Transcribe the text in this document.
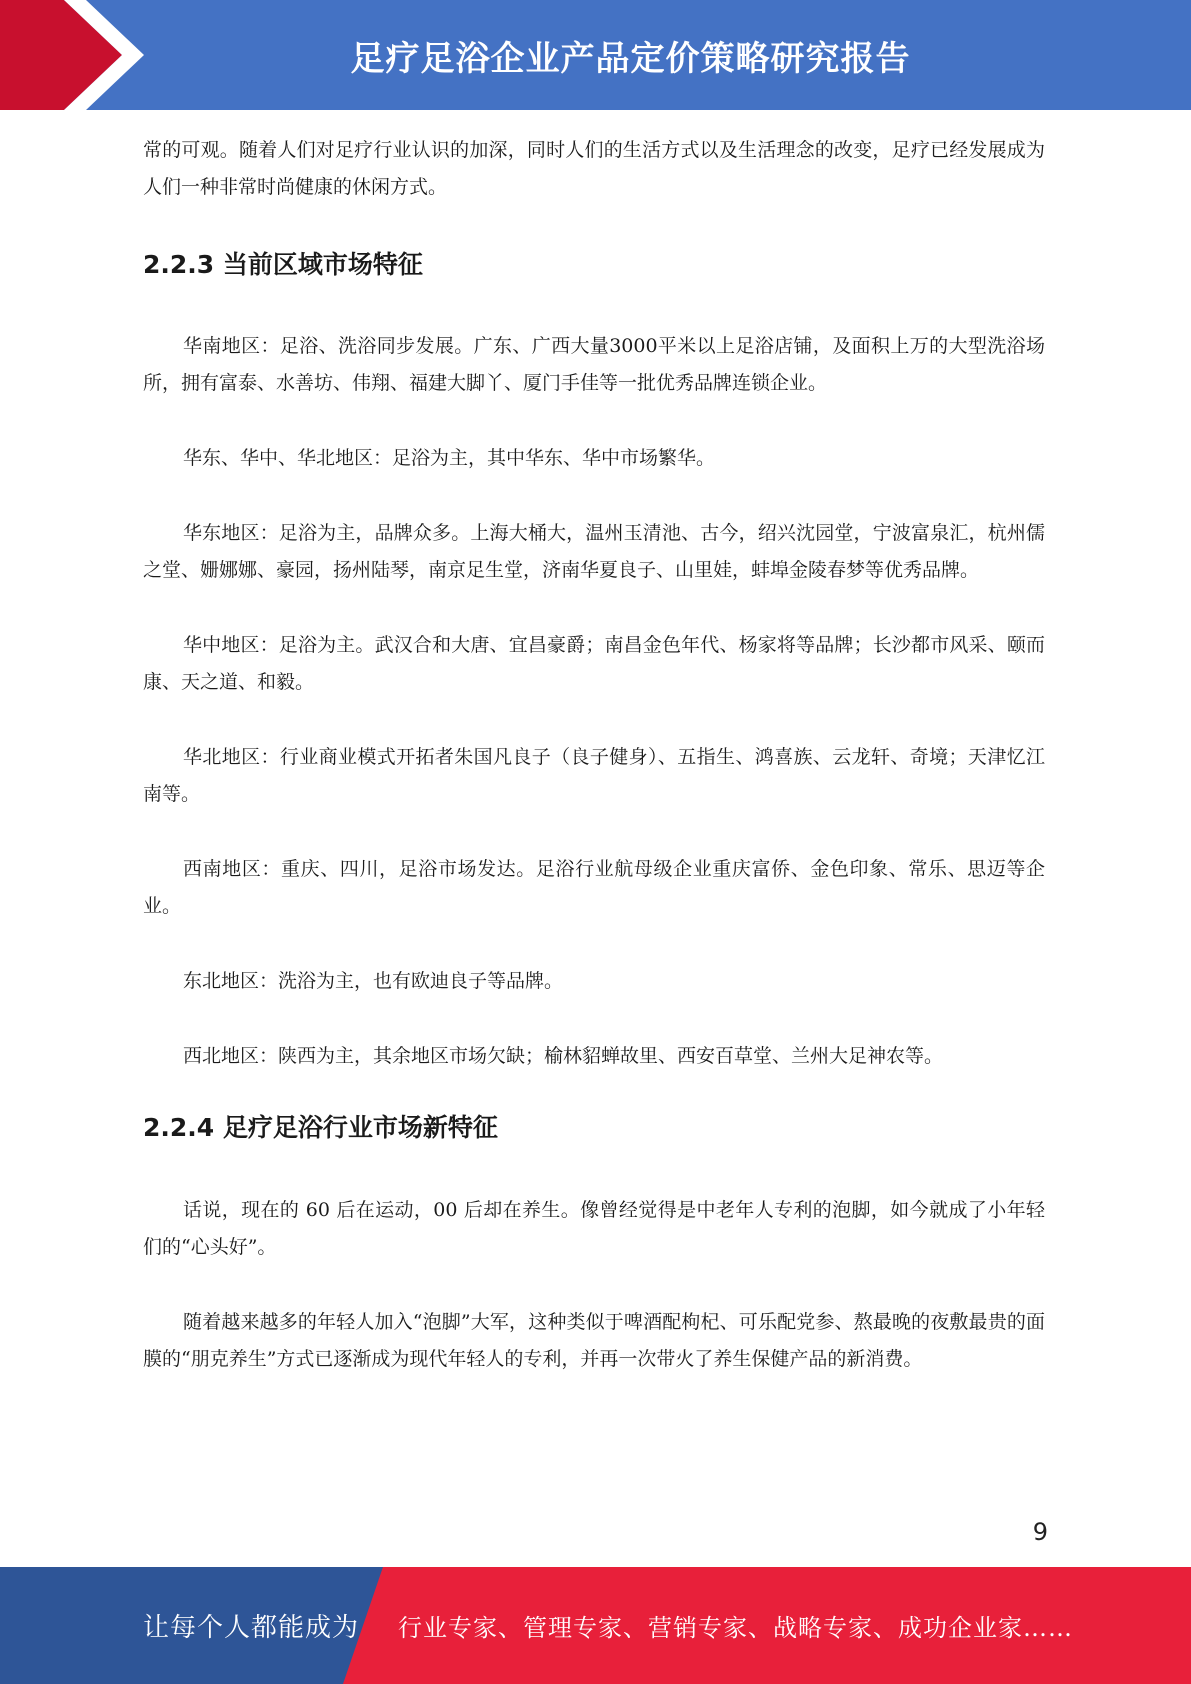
足疗足浴企业产品定价策略研究报告

常的可观。随着人们对足疗行业认识的加深，同时人们的生活方式以及生活理念的改变，足疗已经发展成为人们一种非常时尚健康的休闲方式。

2.2.3 当前区域市场特征

华南地区：足浴、洗浴同步发展。广东、广西大量3000平米以上足浴店铺，及面积上万的大型洗浴场所，拥有富泰、水善坊、伟翔、福建大脚丫、厦门手佳等一批优秀品牌连锁企业。

华东、华中、华北地区：足浴为主，其中华东、华中市场繁华。

华东地区：足浴为主，品牌众多。上海大桶大，温州玉清池、古今，绍兴沈园堂，宁波富泉汇，杭州儒之堂、姗娜娜、豪园，扬州陆琴，南京足生堂，济南华夏良子、山里娃，蚌埠金陵春梦等优秀品牌。

华中地区：足浴为主。武汉合和大唐、宜昌豪爵；南昌金色年代、杨家将等品牌；长沙都市风采、颐而康、天之道、和毅。

华北地区：行业商业模式开拓者朱国凡良子（良子健身）、五指生、鸿喜族、云龙轩、奇境；天津忆江南等。

西南地区：重庆、四川，足浴市场发达。足浴行业航母级企业重庆富侨、金色印象、常乐、思迈等企业。

东北地区：洗浴为主，也有欧迪良子等品牌。

西北地区：陕西为主，其余地区市场欠缺；榆林貂蝉故里、西安百草堂、兰州大足神农等。

2.2.4 足疗足浴行业市场新特征

话说，现在的 60 后在运动，00 后却在养生。像曾经觉得是中老年人专利的泡脚，如今就成了小年轻们的“心头好”。

随着越来越多的年轻人加入“泡脚”大军，这种类似于啤酒配枸杞、可乐配党参、熬最晚的夜敷最贵的面膜的“朋克养生”方式已逐渐成为现代年轻人的专利，并再一次带火了养生保健产品的新消费。

9
让每个人都能成为 行业专家、管理专家、营销专家、战略专家、成功企业家……
